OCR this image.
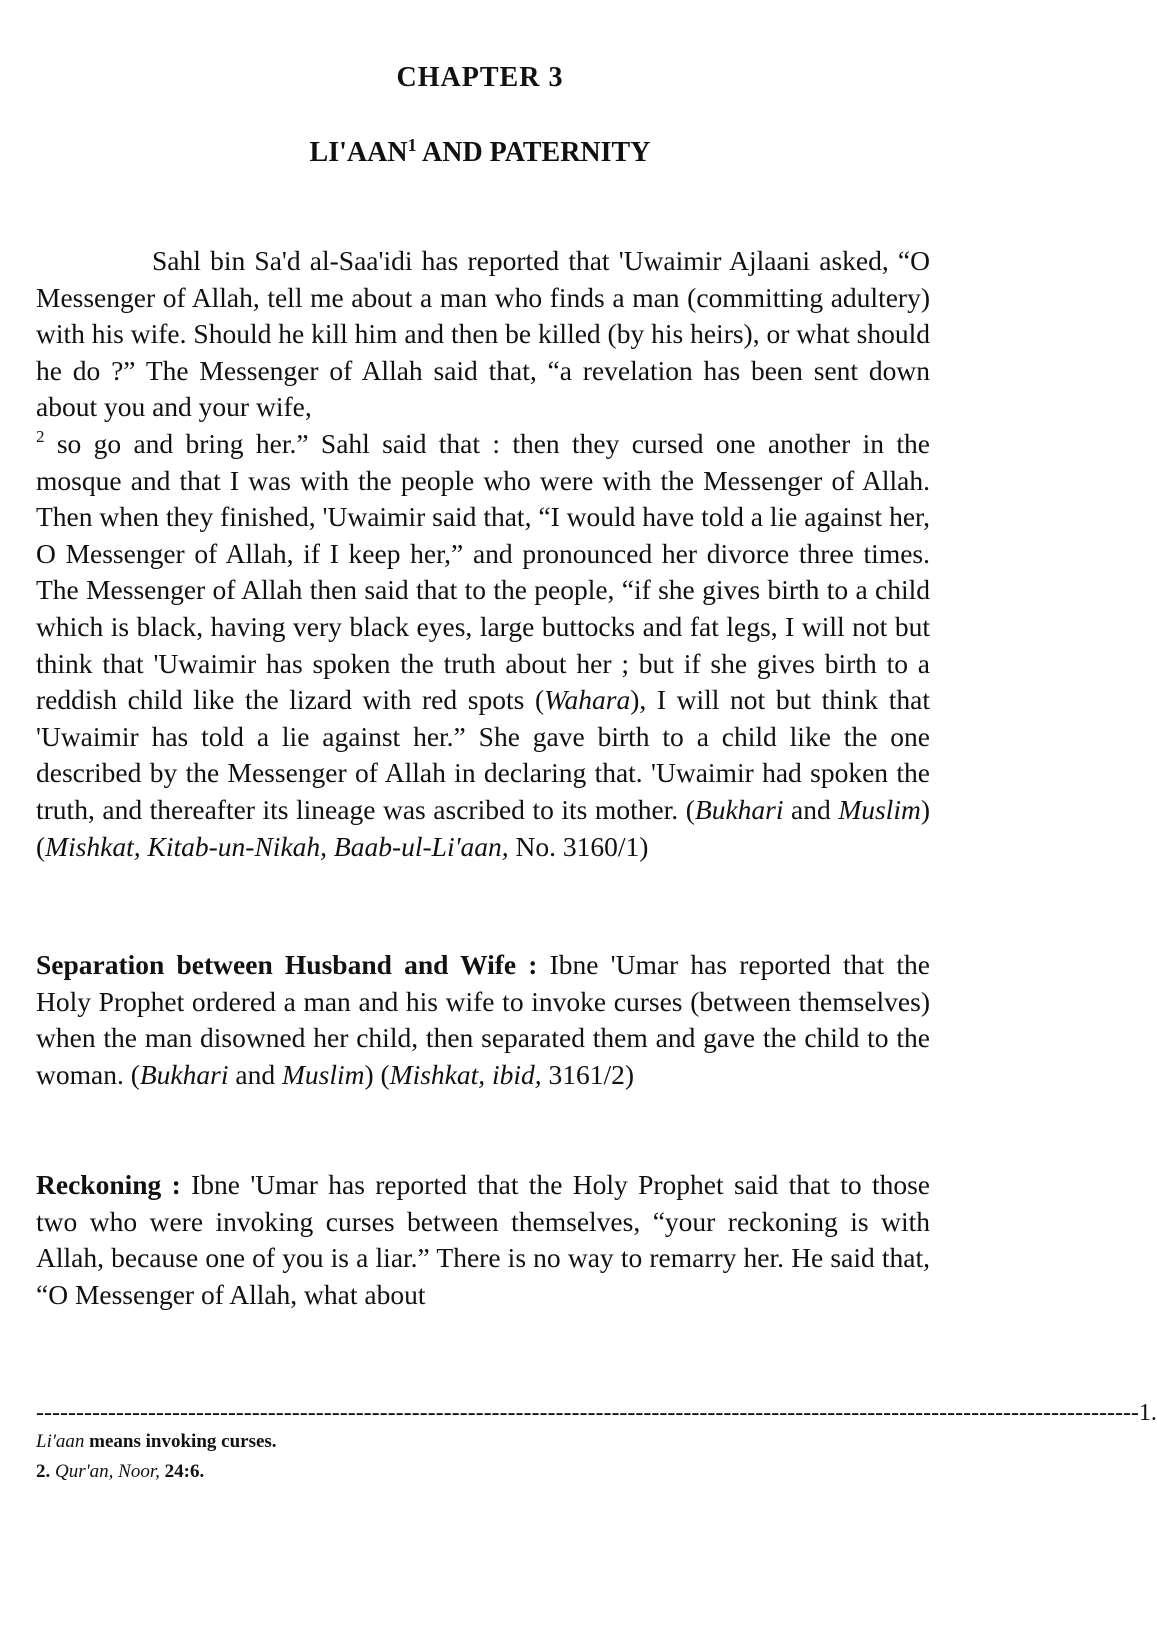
CHAPTER 3
LI'AAN$^1$ AND PATERNITY

Sahl bin Sa'd al-Saa'idi has reported that 'Uwaimir Ajlaani asked, “O Messenger of Allah, tell me about a man who finds a man (committing adultery) with his wife. Should he kill him and then be killed (by his heirs), or what should he do ?” The Messenger of Allah said that, “a revelation has been sent down about you and your wife,
$^2$ so go and bring her.” Sahl said that : then they cursed one another in the mosque and that I was with the people who were with the Messenger of Allah. Then when they finished, 'Uwaimir said that, “I would have told a lie against her, O Messenger of Allah, if I keep her,” and pronounced her divorce three times. The Messenger of Allah then said that to the people, “if she gives birth to a child which is black, having very black eyes, large buttocks and fat legs, I will not but think that 'Uwaimir has spoken the truth about her ; but if she gives birth to a reddish child like the lizard with red spots (Wahara), I will not but think that 'Uwaimir has told a lie against her.” She gave birth to a child like the one described by the Messenger of Allah in declaring that. 'Uwaimir had spoken the truth, and thereafter its lineage was ascribed to its mother. (Bukhari and Muslim) (Mishkat, Kitab-un-Nikah, Baab-ul-Li'aan, No. 3160/1)

Separation between Husband and Wife : Ibne 'Umar has reported that the Holy Prophet ordered a man and his wife to invoke curses (between themselves) when the man disowned her child, then separated them and gave the child to the woman. (Bukhari and Muslim) (Mishkat, ibid, 3161/2)

Reckoning : Ibne 'Umar has reported that the Holy Prophet said that to those two who were invoking curses between themselves, “your reckoning is with Allah, because one of you is a liar.” There is no way to remarry her. He said that, “O Messenger of Allah, what about

------------------------------------------------------------------------------------------------------------------------------------------1.
Li'aan means invoking curses.
2. Qur'an, Noor, 24:6.
